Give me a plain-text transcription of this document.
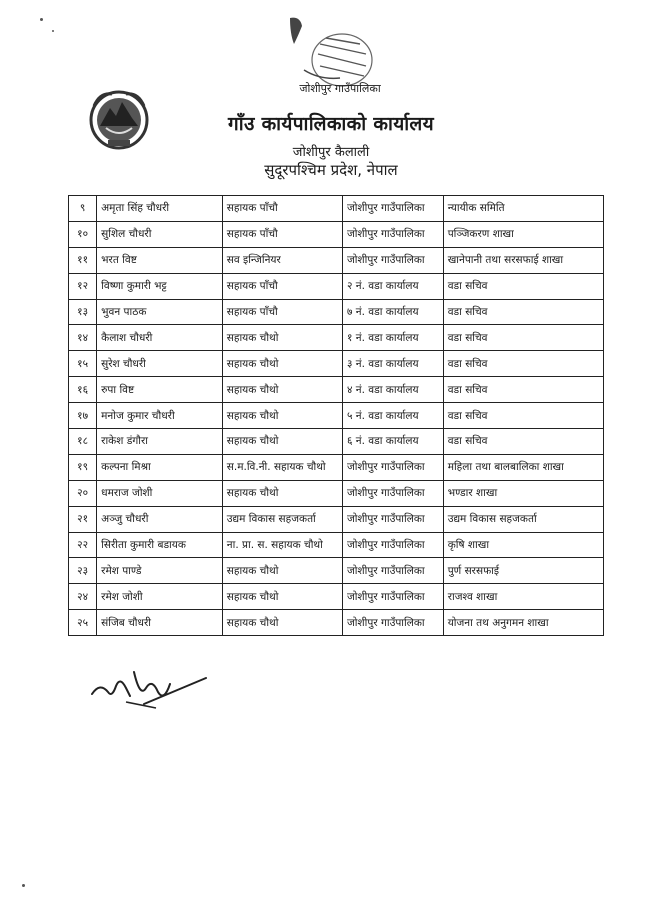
जोशीपुर गाउँपालिका
गाँउ कार्यपालिकाको कार्यालय
जोशीपुर कैलाली
सुदूरपश्चिम प्रदेश, नेपाल
९	अमृता सिंह चौधरी	सहायक पाँचौ	जोशीपुर गाउँपालिका	न्यायीक समिति
१०	सुशिल चौधरी	सहायक पाँचौ	जोशीपुर गाउँपालिका	पञ्जिकरण शाखा
११	भरत विष्ट	सव इन्जिनियर	जोशीपुर गाउँपालिका	खानेपानी तथा सरसफाई शाखा
१२	विष्णा कुमारी भट्ट	सहायक पाँचौ	२ नं. वडा कार्यालय	वडा सचिव
१३	भुवन पाठक	सहायक पाँचौ	७ नं. वडा कार्यालय	वडा सचिव
१४	कैलाश चौधरी	सहायक चौथो	१ नं. वडा कार्यालय	वडा सचिव
१५	सुरेश चौधरी	सहायक चौथो	३ नं. वडा कार्यालय	वडा सचिव
१६	रुपा विष्ट	सहायक चौथो	४ नं. वडा कार्यालय	वडा सचिव
१७	मनोज कुमार चौधरी	सहायक चौथो	५ नं. वडा कार्यालय	वडा सचिव
१८	राकेश डंगौरा	सहायक चौथो	६ नं. वडा कार्यालय	वडा सचिव
१९	कल्पना मिश्रा	स.म.वि.नी. सहायक चौथो	जोशीपुर गाउँपालिका	महिला तथा बालबालिका शाखा
२०	धमराज जोशी	सहायक चौथो	जोशीपुर गाउँपालिका	भण्डार शाखा
२१	अञ्जु चौधरी	उद्यम विकास सहजकर्ता	जोशीपुर गाउँपालिका	उद्यम विकास सहजकर्ता
२२	सिरीता कुमारी बडायक	ना. प्रा. स. सहायक चौथो	जोशीपुर गाउँपालिका	कृषि शाखा
२३	रमेश पाण्डे	सहायक चौथो	जोशीपुर गाउँपालिका	पुर्ण सरसफाई
२४	रमेश जोशी	सहायक चौथो	जोशीपुर गाउँपालिका	राजश्व शाखा
२५	संजिब चौधरी	सहायक चौथो	जोशीपुर गाउँपालिका	योजना तथ अनुगमन शाखा
